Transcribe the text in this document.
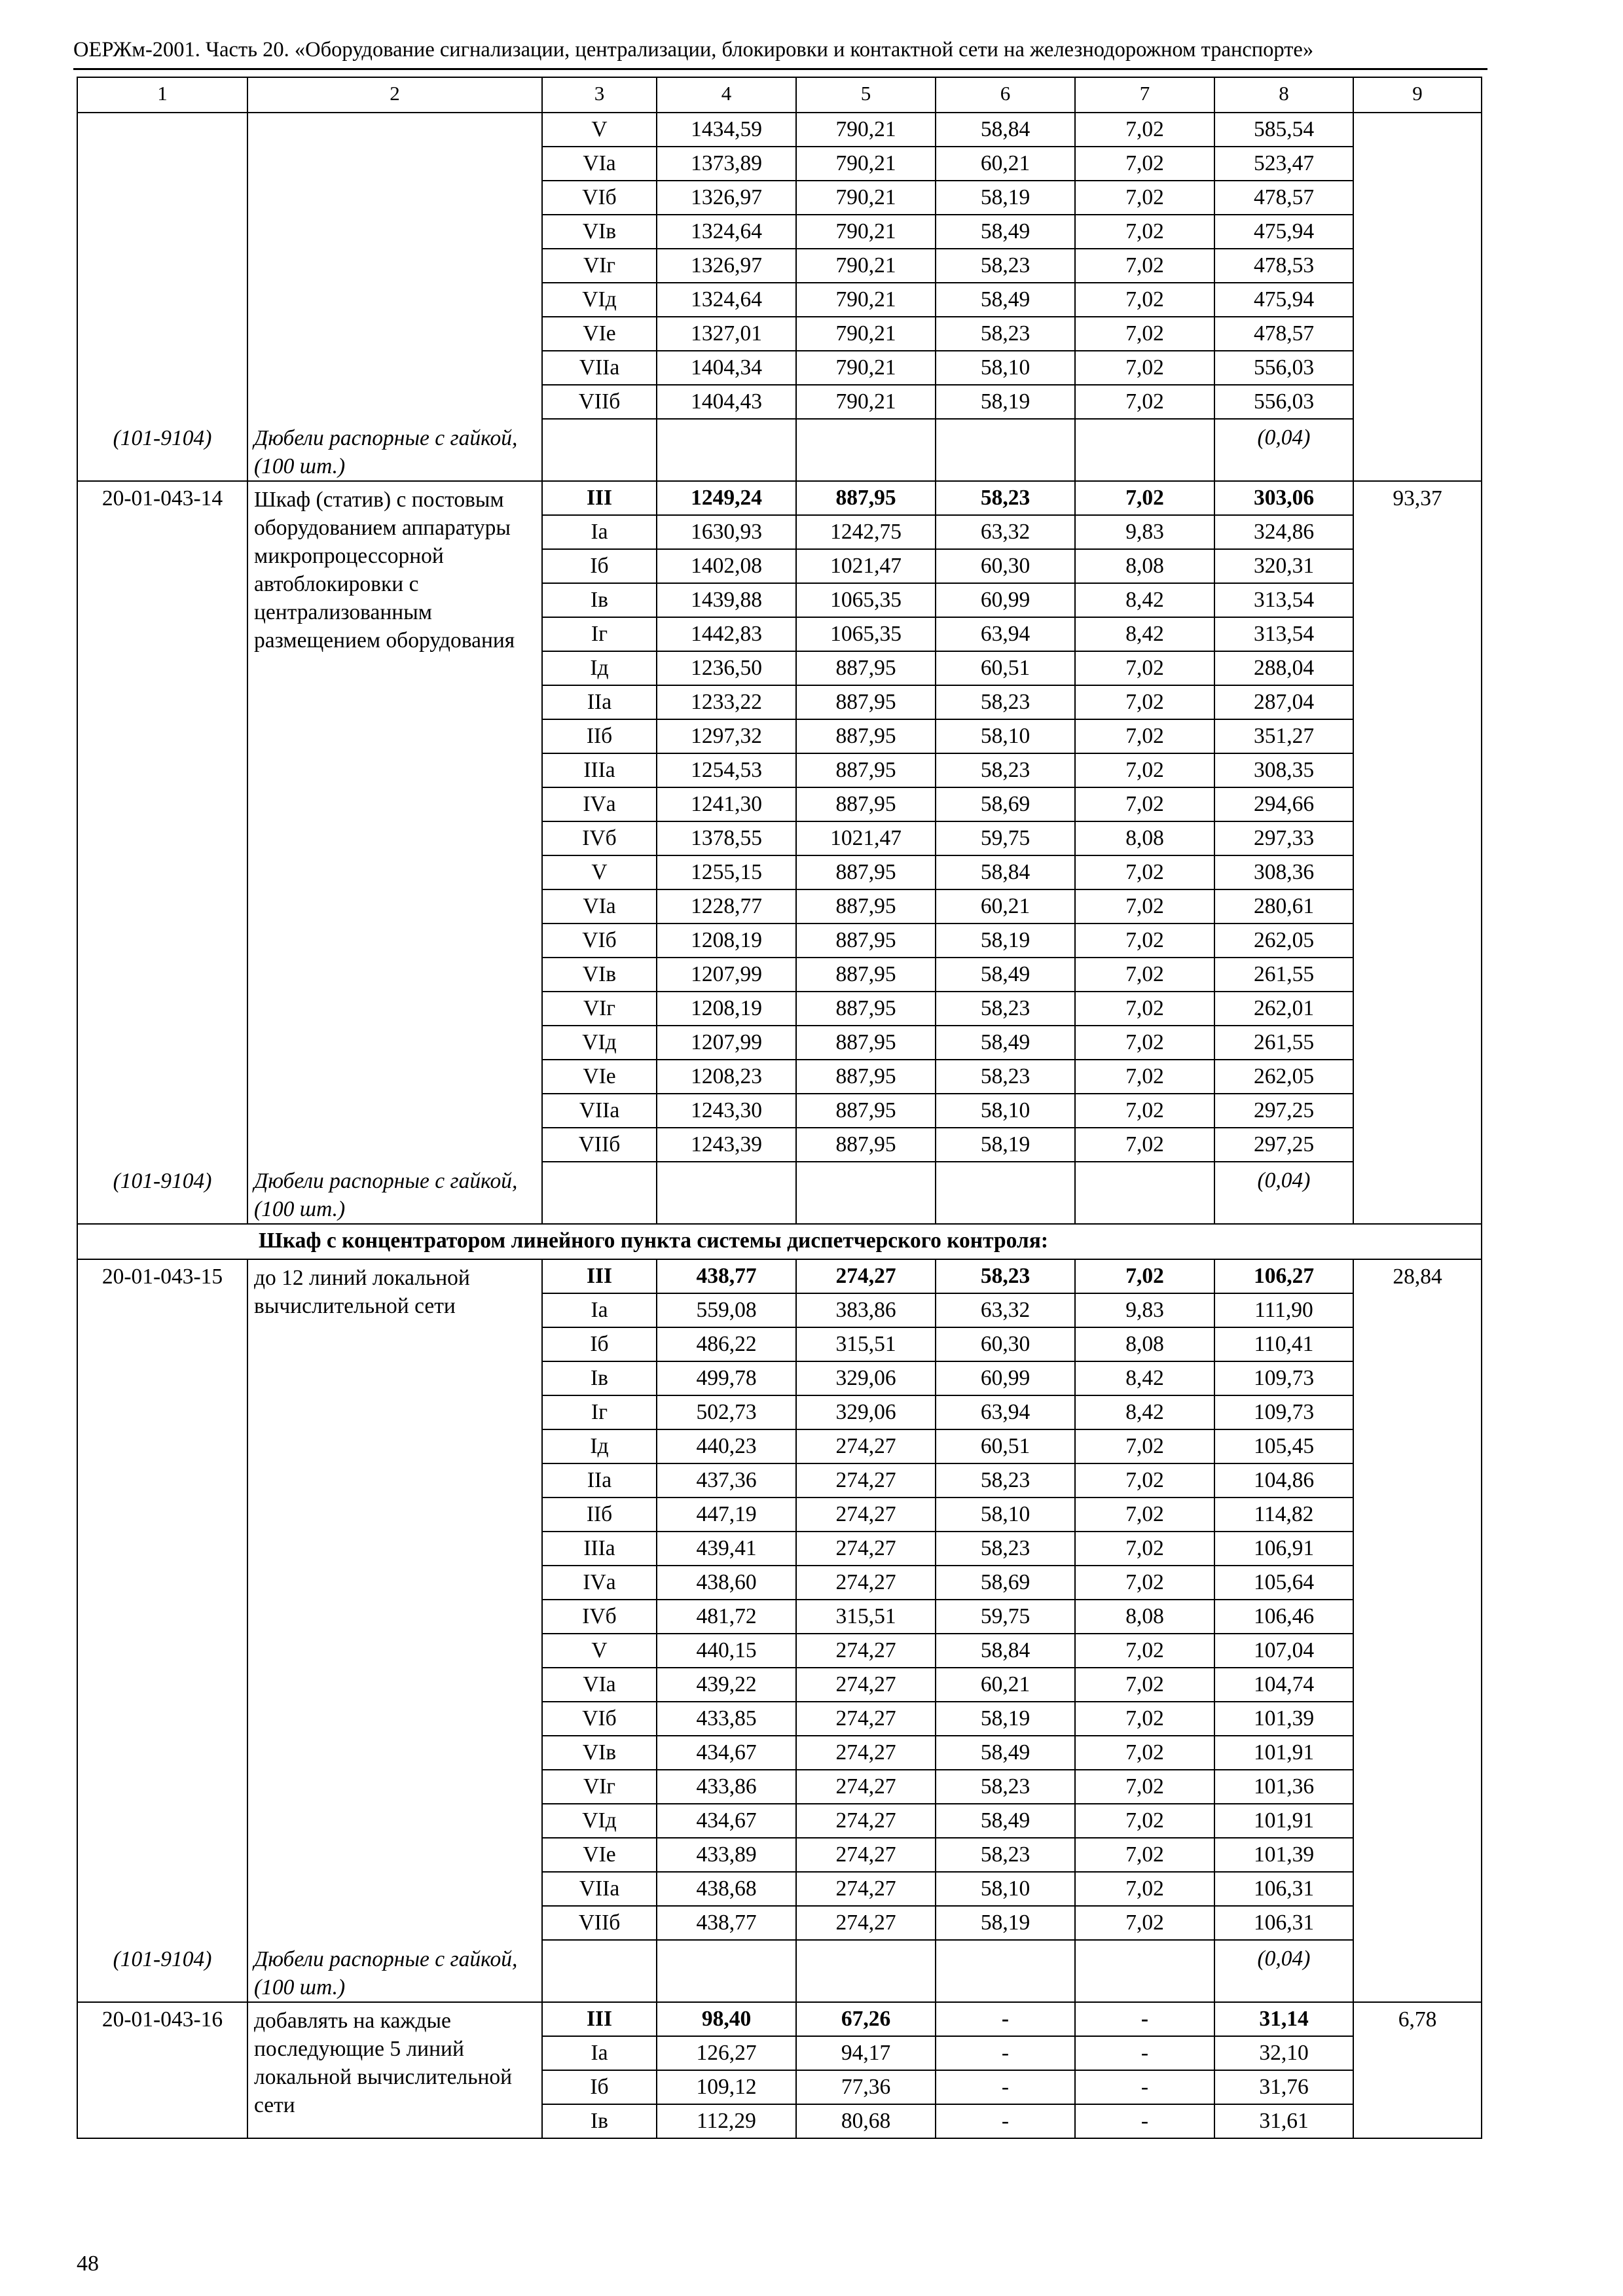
ОЕРЖм-2001. Часть 20. «Оборудование сигнализации, централизации, блокировки и контактной сети на железнодорожном транспорте»
1	2	3	4	5	6	7	8	9
		V	1434,59	790,21	58,84	7,02	585,54	
		VIа	1373,89	790,21	60,21	7,02	523,47	
		VIб	1326,97	790,21	58,19	7,02	478,57	
		VIв	1324,64	790,21	58,49	7,02	475,94	
		VIг	1326,97	790,21	58,23	7,02	478,53	
		VIд	1324,64	790,21	58,49	7,02	475,94	
		VIе	1327,01	790,21	58,23	7,02	478,57	
		VIIа	1404,34	790,21	58,10	7,02	556,03	
		VIIб	1404,43	790,21	58,19	7,02	556,03	
(101-9104)	Дюбели распорные с гайкой, (100 шт.)						(0,04)	
20-01-043-14	Шкаф (статив) с постовым оборудованием аппаратуры микропроцессорной автоблокировки с централизованным размещением оборудования	III	1249,24	887,95	58,23	7,02	303,06	93,37
		Iа	1630,93	1242,75	63,32	9,83	324,86	
		Iб	1402,08	1021,47	60,30	8,08	320,31	
		Iв	1439,88	1065,35	60,99	8,42	313,54	
		Iг	1442,83	1065,35	63,94	8,42	313,54	
		Iд	1236,50	887,95	60,51	7,02	288,04	
		IIа	1233,22	887,95	58,23	7,02	287,04	
		IIб	1297,32	887,95	58,10	7,02	351,27	
		IIIа	1254,53	887,95	58,23	7,02	308,35	
		IVа	1241,30	887,95	58,69	7,02	294,66	
		IVб	1378,55	1021,47	59,75	8,08	297,33	
		V	1255,15	887,95	58,84	7,02	308,36	
		VIа	1228,77	887,95	60,21	7,02	280,61	
		VIб	1208,19	887,95	58,19	7,02	262,05	
		VIв	1207,99	887,95	58,49	7,02	261,55	
		VIг	1208,19	887,95	58,23	7,02	262,01	
		VIд	1207,99	887,95	58,49	7,02	261,55	
		VIе	1208,23	887,95	58,23	7,02	262,05	
		VIIа	1243,30	887,95	58,10	7,02	297,25	
		VIIб	1243,39	887,95	58,19	7,02	297,25	
(101-9104)	Дюбели распорные с гайкой, (100 шт.)						(0,04)	
Шкаф с концентратором линейного пункта системы диспетчерского контроля:								
20-01-043-15	до 12 линий локальной вычислительной сети	III	438,77	274,27	58,23	7,02	106,27	28,84
		Iа	559,08	383,86	63,32	9,83	111,90	
		Iб	486,22	315,51	60,30	8,08	110,41	
		Iв	499,78	329,06	60,99	8,42	109,73	
		Iг	502,73	329,06	63,94	8,42	109,73	
		Iд	440,23	274,27	60,51	7,02	105,45	
		IIа	437,36	274,27	58,23	7,02	104,86	
		IIб	447,19	274,27	58,10	7,02	114,82	
		IIIа	439,41	274,27	58,23	7,02	106,91	
		IVа	438,60	274,27	58,69	7,02	105,64	
		IVб	481,72	315,51	59,75	8,08	106,46	
		V	440,15	274,27	58,84	7,02	107,04	
		VIа	439,22	274,27	60,21	7,02	104,74	
		VIб	433,85	274,27	58,19	7,02	101,39	
		VIв	434,67	274,27	58,49	7,02	101,91	
		VIг	433,86	274,27	58,23	7,02	101,36	
		VIд	434,67	274,27	58,49	7,02	101,91	
		VIе	433,89	274,27	58,23	7,02	101,39	
		VIIа	438,68	274,27	58,10	7,02	106,31	
		VIIб	438,77	274,27	58,19	7,02	106,31	
(101-9104)	Дюбели распорные с гайкой, (100 шт.)						(0,04)	
20-01-043-16	добавлять на каждые последующие 5 линий локальной вычислительной сети	III	98,40	67,26	-	-	31,14	6,78
		Iа	126,27	94,17	-	-	32,10	
		Iб	109,12	77,36	-	-	31,76	
		Iв	112,29	80,68	-	-	31,61	
48
